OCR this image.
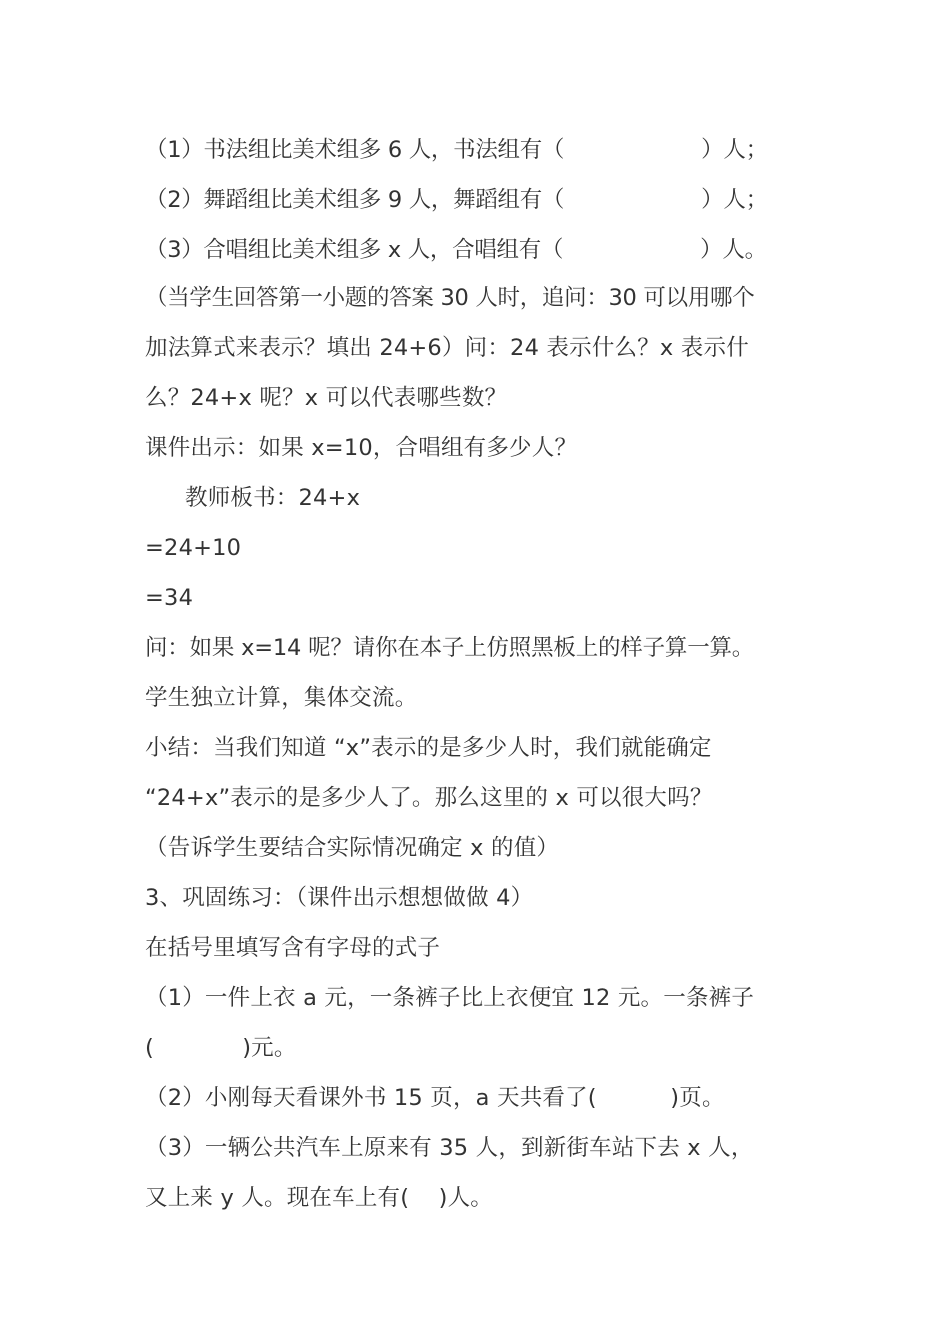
（1）书法组比美术组多 6 人，书法组有（                    ）人；
（2）舞蹈组比美术组多 9 人，舞蹈组有（                    ）人；
（3）合唱组比美术组多 x 人，合唱组有（                    ）人。
（当学生回答第一小题的答案 30 人时，追问：30 可以用哪个
加法算式来表示？填出 24+6）问：24 表示什么？x 表示什
么？24+x 呢？x 可以代表哪些数？
课件出示：如果 x=10，合唱组有多少人？
教师板书：24+x
=24+10
=34
问：如果 x=14 呢？请你在本子上仿照黑板上的样子算一算。
学生独立计算，集体交流。
小结：当我们知道 “x”表示的是多少人时，我们就能确定
“24+x”表示的是多少人了。那么这里的 x 可以很大吗？
（告诉学生要结合实际情况确定 x 的值）
3、巩固练习：（课件出示想想做做 4）
在括号里填写含有字母的式子
（1）一件上衣 a 元，一条裤子比上衣便宜 12 元。一条裤子
(            )元。
（2）小刚每天看课外书 15 页，a 天共看了(          )页。
（3）一辆公共汽车上原来有 35 人，到新街车站下去 x 人，
又上来 y 人。现在车上有(    )人。
